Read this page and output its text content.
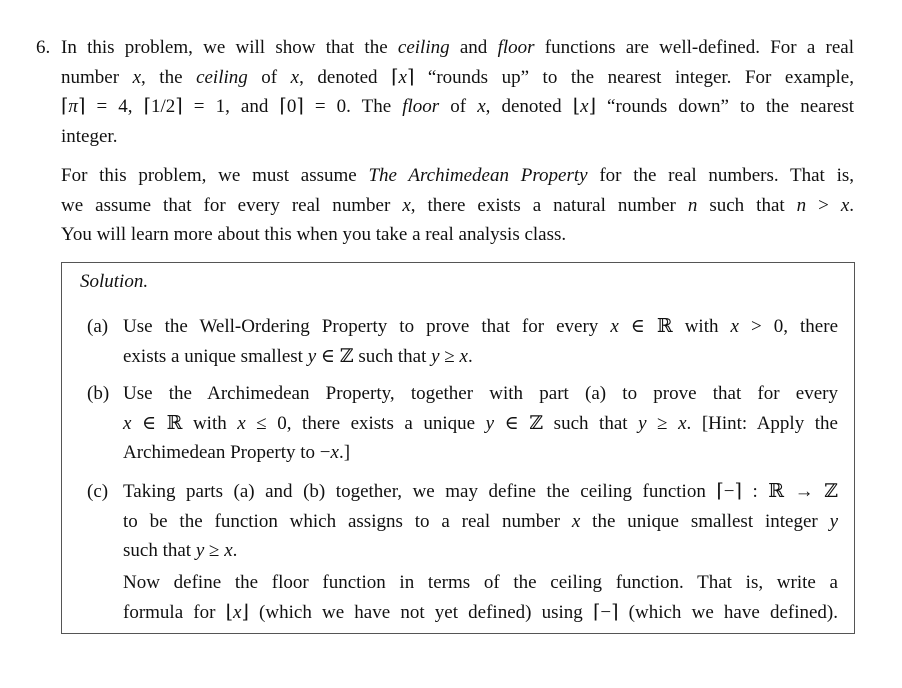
6. In this problem, we will show that the ceiling and floor functions are well-defined. For a real
number x, the ceiling of x, denoted ⌈x⌉ “rounds up” to the nearest integer. For example,
⌈π⌉ = 4, ⌈1/2⌉ = 1, and ⌈0⌉ = 0. The floor of x, denoted ⌊x⌋ “rounds down” to the nearest
integer.
For this problem, we must assume The Archimedean Property for the real numbers. That is,
we assume that for every real number x, there exists a natural number n such that n > x.
You will learn more about this when you take a real analysis class.
Solution.
(a) Use the Well-Ordering Property to prove that for every x ∈ ℝ with x > 0, there
exists a unique smallest y ∈ ℤ such that y ≥ x.
(b) Use the Archimedean Property, together with part (a) to prove that for every
x ∈ ℝ with x ≤ 0, there exists a unique y ∈ ℤ such that y ≥ x. [Hint: Apply the
Archimedean Property to −x.]
(c) Taking parts (a) and (b) together, we may define the ceiling function ⌈−⌉ : ℝ → ℤ
to be the function which assigns to a real number x the unique smallest integer y
such that y ≥ x.
Now define the floor function in terms of the ceiling function. That is, write a
formula for ⌊x⌋ (which we have not yet defined) using ⌈−⌉ (which we have defined).
